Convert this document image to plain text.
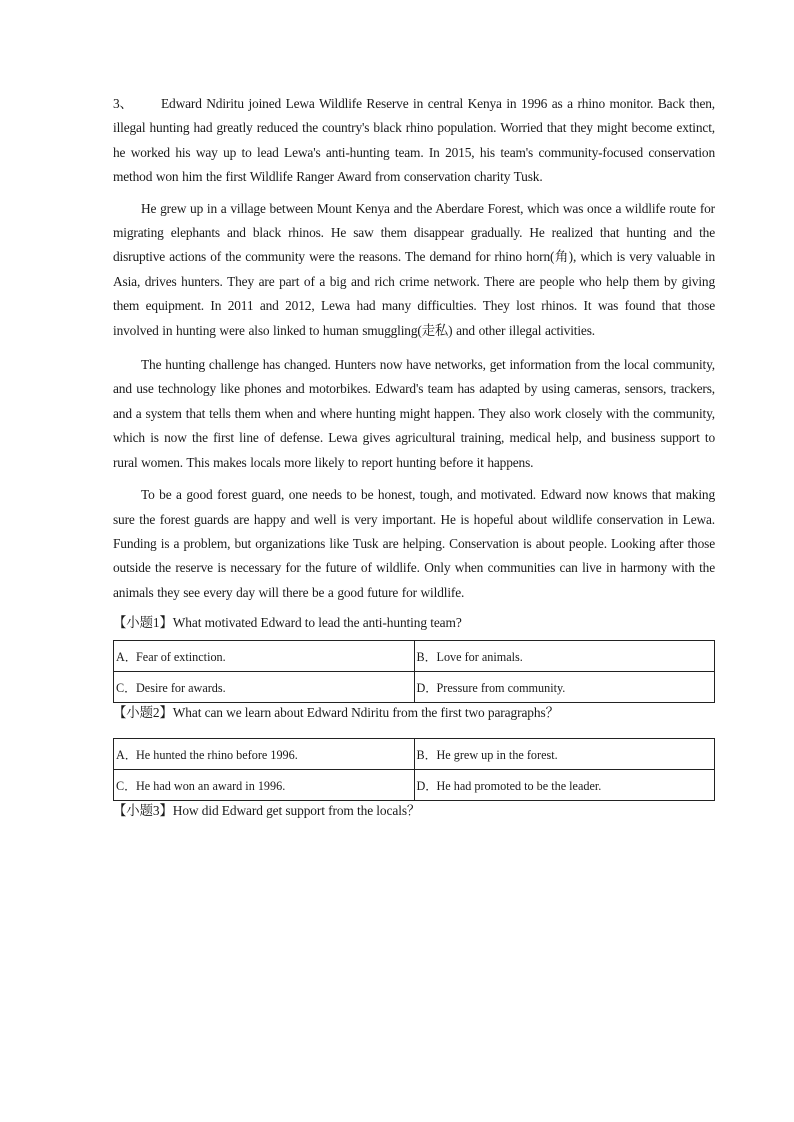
3、 Edward Ndiritu joined Lewa Wildlife Reserve in central Kenya in 1996 as a rhino monitor. Back then, illegal hunting had greatly reduced the country's black rhino population. Worried that they might become extinct, he worked his way up to lead Lewa's anti-hunting team. In 2015, his team's community-focused conservation method won him the first Wildlife Ranger Award from conservation charity Tusk.

He grew up in a village between Mount Kenya and the Aberdare Forest, which was once a wildlife route for migrating elephants and black rhinos. He saw them disappear gradually. He realized that hunting and the disruptive actions of the community were the reasons. The demand for rhino horn(角), which is very valuable in Asia, drives hunters. They are part of a big and rich crime network. There are people who help them by giving them equipment. In 2011 and 2012, Lewa had many difficulties. They lost rhinos. It was found that those involved in hunting were also linked to human smuggling(走私) and other illegal activities.

The hunting challenge has changed. Hunters now have networks, get information from the local community, and use technology like phones and motorbikes. Edward's team has adapted by using cameras, sensors, trackers, and a system that tells them when and where hunting might happen. They also work closely with the community, which is now the first line of defense. Lewa gives agricultural training, medical help, and business support to rural women. This makes locals more likely to report hunting before it happens.

To be a good forest guard, one needs to be honest, tough, and motivated. Edward now knows that making sure the forest guards are happy and well is very important. He is hopeful about wildlife conservation in Lewa. Funding is a problem, but organizations like Tusk are helping. Conservation is about people. Looking after those outside the reserve is necessary for the future of wildlife. Only when communities can live in harmony with the animals they see every day will there be a good future for wildlife.

【小题1】What motivated Edward to lead the anti-hunting team?
A．Fear of extinction.	B．Love for animals.
C．Desire for awards.	D．Pressure from community.
【小题2】What can we learn about Edward Ndiritu from the first two paragraphs？
A．He hunted the rhino before 1996.	B．He grew up in the forest.
C．He had won an award in 1996.	D．He had promoted to be the leader.
【小题3】How did Edward get support from the locals？
